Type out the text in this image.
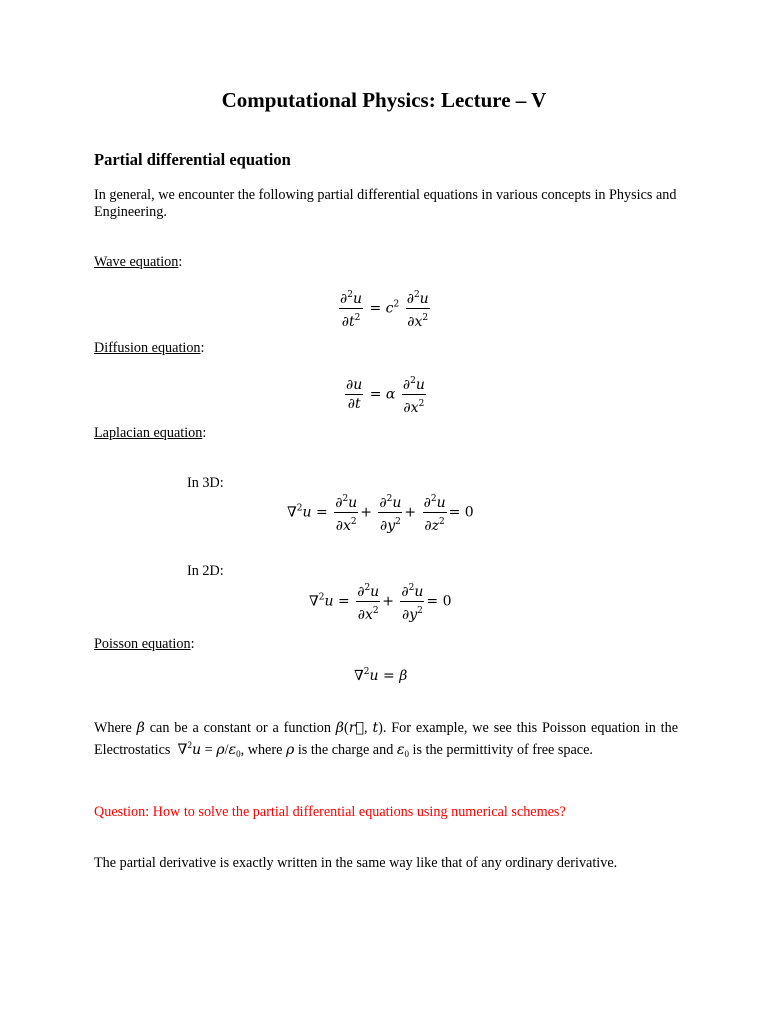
Computational Physics: Lecture – V
Partial differential equation
In general, we encounter the following partial differential equations in various concepts in Physics and Engineering.
Wave equation:
$\frac{\partial^2u}{\partial t^2} = c^2 \frac{\partial^2u}{\partial x^2}$
Diffusion equation:
$\frac{\partial u}{\partial t} = \alpha \frac{\partial^2u}{\partial x^2}$
Laplacian equation:
In 3D:
$\nabla^2u = \frac{\partial^2u}{\partial x^2} + \frac{\partial^2u}{\partial y^2} + \frac{\partial^2u}{\partial z^2} = 0$
In 2D:
$\nabla^2u = \frac{\partial^2u}{\partial x^2} + \frac{\partial^2u}{\partial y^2} = 0$
Poisson equation:
∇$^2$u = β
Where β can be a constant or a function β(r⃗, t). For example, we see this Poisson equation in the Electrostatics $\nabla^2u = \rho/\varepsilon_0$, where ρ is the charge and $\varepsilon_0$ is the permittivity of free space.
Question: How to solve the partial differential equations using numerical schemes?
The partial derivative is exactly written in the same way like that of any ordinary derivative.
